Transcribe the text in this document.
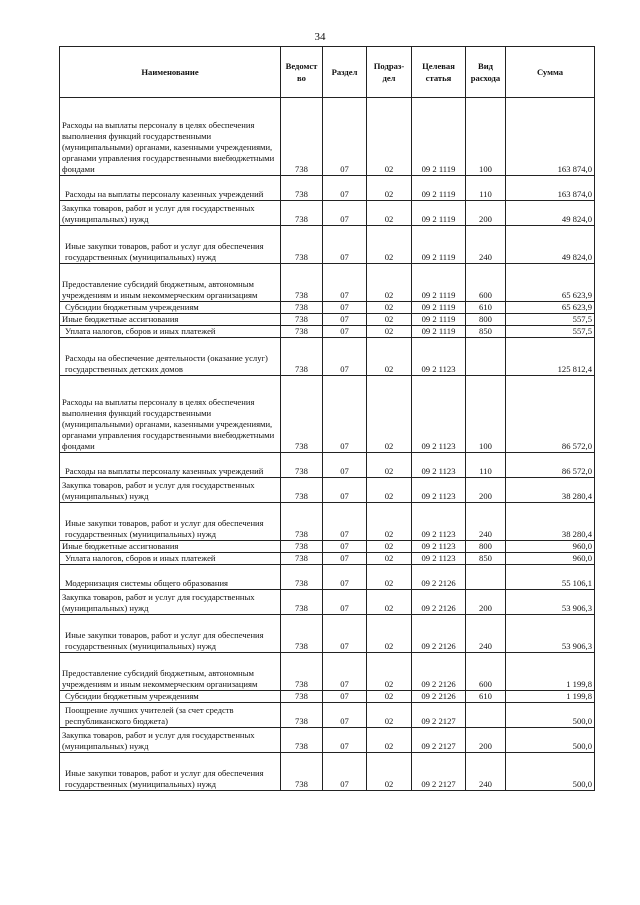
34
Наименование	Ведомст во	Раздел	Подраз-дел	Целевая статья	Вид расхода	Сумма
Расходы на выплаты персоналу в целях обеспечения выполнения функций государственными (муниципальными) органами, казенными учреждениями, органами управления государственными внебюджетными фондами	738	07	02	09 2 1119	100	163 874,0
Расходы на выплаты персоналу казенных учреждений	738	07	02	09 2 1119	110	163 874,0
Закупка товаров, работ и услуг для государственных (муниципальных) нужд	738	07	02	09 2 1119	200	49 824,0
Иные закупки товаров, работ и услуг для обеспечения государственных (муниципальных) нужд	738	07	02	09 2 1119	240	49 824,0
Предоставление субсидий бюджетным, автономным учреждениям и иным некоммерческим организациям	738	07	02	09 2 1119	600	65 623,9
Субсидии бюджетным учреждениям	738	07	02	09 2 1119	610	65 623,9
Иные бюджетные ассигнования	738	07	02	09 2 1119	800	557,5
Уплата налогов, сборов и иных платежей	738	07	02	09 2 1119	850	557,5
Расходы на обеспечение деятельности (оказание услуг) государственных детских домов	738	07	02	09 2 1123		125 812,4
Расходы на выплаты персоналу в целях обеспечения выполнения функций государственными (муниципальными) органами, казенными учреждениями, органами управления государственными внебюджетными фондами	738	07	02	09 2 1123	100	86 572,0
Расходы на выплаты персоналу казенных учреждений	738	07	02	09 2 1123	110	86 572,0
Закупка товаров, работ и услуг для государственных (муниципальных) нужд	738	07	02	09 2 1123	200	38 280,4
Иные закупки товаров, работ и услуг для обеспечения государственных (муниципальных) нужд	738	07	02	09 2 1123	240	38 280,4
Иные бюджетные ассигнования	738	07	02	09 2 1123	800	960,0
Уплата налогов, сборов и иных платежей	738	07	02	09 2 1123	850	960,0
Модернизация системы общего образования	738	07	02	09 2 2126		55 106,1
Закупка товаров, работ и услуг для государственных (муниципальных) нужд	738	07	02	09 2 2126	200	53 906,3
Иные закупки товаров, работ и услуг для обеспечения государственных (муниципальных) нужд	738	07	02	09 2 2126	240	53 906,3
Предоставление субсидий бюджетным, автономным учреждениям и иным некоммерческим организациям	738	07	02	09 2 2126	600	1 199,8
Субсидии бюджетным учреждениям	738	07	02	09 2 2126	610	1 199,8
Поощрение лучших учителей (за счет средств республиканского бюджета)	738	07	02	09 2 2127		500,0
Закупка товаров, работ и услуг для государственных (муниципальных) нужд	738	07	02	09 2 2127	200	500,0
Иные закупки товаров, работ и услуг для обеспечения государственных (муниципальных) нужд	738	07	02	09 2 2127	240	500,0
